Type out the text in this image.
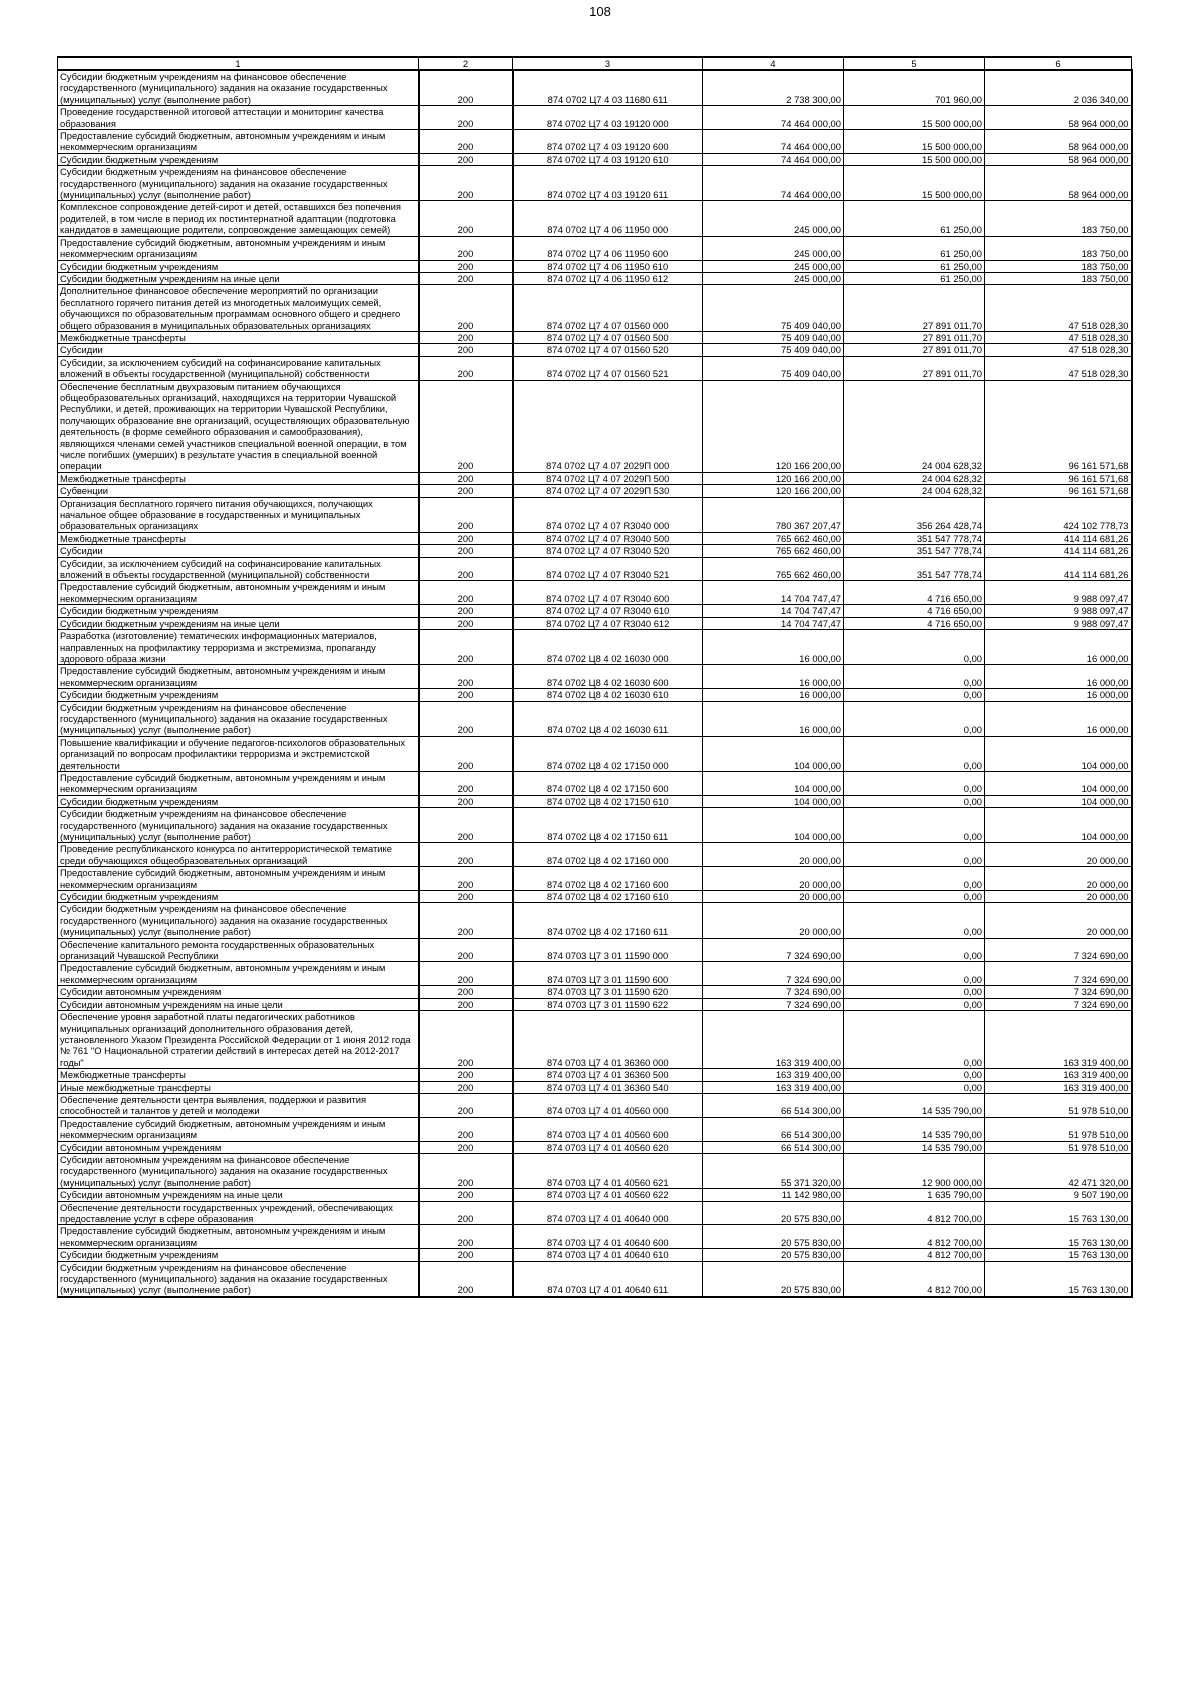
108
1	2	3	4	5	6
Субсидии бюджетным учреждениям на финансовое обеспечение государственного (муниципального) задания на оказание государственных (муниципальных) услуг (выполнение работ)	200	874 0702 Ц7 4 03 11680 611	2 738 300,00	701 960,00	2 036 340,00
Проведение государственной итоговой аттестации и мониторинг качества образования	200	874 0702 Ц7 4 03 19120 000	74 464 000,00	15 500 000,00	58 964 000,00
Предоставление субсидий бюджетным, автономным учреждениям и иным некоммерческим организациям	200	874 0702 Ц7 4 03 19120 600	74 464 000,00	15 500 000,00	58 964 000,00
Субсидии бюджетным учреждениям	200	874 0702 Ц7 4 03 19120 610	74 464 000,00	15 500 000,00	58 964 000,00
Субсидии бюджетным учреждениям на финансовое обеспечение государственного (муниципального) задания на оказание государственных (муниципальных) услуг (выполнение работ)	200	874 0702 Ц7 4 03 19120 611	74 464 000,00	15 500 000,00	58 964 000,00
Комплексное сопровождение детей-сирот и детей, оставшихся без попечения родителей, в том числе в период их постинтернатной адаптации (подготовка кандидатов в замещающие родители, сопровождение замещающих семей)	200	874 0702 Ц7 4 06 11950 000	245 000,00	61 250,00	183 750,00
Предоставление субсидий бюджетным, автономным учреждениям и иным некоммерческим организациям	200	874 0702 Ц7 4 06 11950 600	245 000,00	61 250,00	183 750,00
Субсидии бюджетным учреждениям	200	874 0702 Ц7 4 06 11950 610	245 000,00	61 250,00	183 750,00
Субсидии бюджетным учреждениям на иные цели	200	874 0702 Ц7 4 06 11950 612	245 000,00	61 250,00	183 750,00
Дополнительное финансовое обеспечение мероприятий по организации бесплатного горячего питания детей из многодетных малоимущих семей, обучающихся по образовательным программам основного общего и среднего общего образования в муниципальных образовательных организациях	200	874 0702 Ц7 4 07 01560 000	75 409 040,00	27 891 011,70	47 518 028,30
Межбюджетные трансферты	200	874 0702 Ц7 4 07 01560 500	75 409 040,00	27 891 011,70	47 518 028,30
Субсидии	200	874 0702 Ц7 4 07 01560 520	75 409 040,00	27 891 011,70	47 518 028,30
Субсидии, за исключением субсидий на софинансирование капитальных вложений в объекты государственной (муниципальной) собственности	200	874 0702 Ц7 4 07 01560 521	75 409 040,00	27 891 011,70	47 518 028,30
Обеспечение бесплатным двухразовым питанием обучающихся общеобразовательных организаций, находящихся на территории Чувашской Республики, и детей, проживающих на территории Чувашской Республики, получающих образование вне организаций, осуществляющих образовательную деятельность (в форме семейного образования и самообразования), являющихся членами семей участников специальной военной операции, в том числе погибших (умерших) в результате участия в специальной военной операции	200	874 0702 Ц7 4 07 2029П 000	120 166 200,00	24 004 628,32	96 161 571,68
Межбюджетные трансферты	200	874 0702 Ц7 4 07 2029П 500	120 166 200,00	24 004 628,32	96 161 571,68
Субвенции	200	874 0702 Ц7 4 07 2029П 530	120 166 200,00	24 004 628,32	96 161 571,68
Организация бесплатного горячего питания обучающихся, получающих начальное общее образование в государственных и муниципальных образовательных организациях	200	874 0702 Ц7 4 07 R3040 000	780 367 207,47	356 264 428,74	424 102 778,73
Межбюджетные трансферты	200	874 0702 Ц7 4 07 R3040 500	765 662 460,00	351 547 778,74	414 114 681,26
Субсидии	200	874 0702 Ц7 4 07 R3040 520	765 662 460,00	351 547 778,74	414 114 681,26
Субсидии, за исключением субсидий на софинансирование капитальных вложений в объекты государственной (муниципальной) собственности	200	874 0702 Ц7 4 07 R3040 521	765 662 460,00	351 547 778,74	414 114 681,26
Предоставление субсидий бюджетным, автономным учреждениям и иным некоммерческим организациям	200	874 0702 Ц7 4 07 R3040 600	14 704 747,47	4 716 650,00	9 988 097,47
Субсидии бюджетным учреждениям	200	874 0702 Ц7 4 07 R3040 610	14 704 747,47	4 716 650,00	9 988 097,47
Субсидии бюджетным учреждениям на иные цели	200	874 0702 Ц7 4 07 R3040 612	14 704 747,47	4 716 650,00	9 988 097,47
Разработка (изготовление) тематических информационных материалов, направленных на профилактику терроризма и экстремизма, пропаганду здорового образа жизни	200	874 0702 Ц8 4 02 16030 000	16 000,00	0,00	16 000,00
Предоставление субсидий бюджетным, автономным учреждениям и иным некоммерческим организациям	200	874 0702 Ц8 4 02 16030 600	16 000,00	0,00	16 000,00
Субсидии бюджетным учреждениям	200	874 0702 Ц8 4 02 16030 610	16 000,00	0,00	16 000,00
Субсидии бюджетным учреждениям на финансовое обеспечение государственного (муниципального) задания на оказание государственных (муниципальных) услуг (выполнение работ)	200	874 0702 Ц8 4 02 16030 611	16 000,00	0,00	16 000,00
Повышение квалификации и обучение педагогов-психологов образовательных организаций по вопросам профилактики терроризма и экстремистской деятельности	200	874 0702 Ц8 4 02 17150 000	104 000,00	0,00	104 000,00
Предоставление субсидий бюджетным, автономным учреждениям и иным некоммерческим организациям	200	874 0702 Ц8 4 02 17150 600	104 000,00	0,00	104 000,00
Субсидии бюджетным учреждениям	200	874 0702 Ц8 4 02 17150 610	104 000,00	0,00	104 000,00
Субсидии бюджетным учреждениям на финансовое обеспечение государственного (муниципального) задания на оказание государственных (муниципальных) услуг (выполнение работ)	200	874 0702 Ц8 4 02 17150 611	104 000,00	0,00	104 000,00
Проведение республиканского конкурса по антитеррористической тематике среди обучающихся общеобразовательных организаций	200	874 0702 Ц8 4 02 17160 000	20 000,00	0,00	20 000,00
Предоставление субсидий бюджетным, автономным учреждениям и иным некоммерческим организациям	200	874 0702 Ц8 4 02 17160 600	20 000,00	0,00	20 000,00
Субсидии бюджетным учреждениям	200	874 0702 Ц8 4 02 17160 610	20 000,00	0,00	20 000,00
Субсидии бюджетным учреждениям на финансовое обеспечение государственного (муниципального) задания на оказание государственных (муниципальных) услуг (выполнение работ)	200	874 0702 Ц8 4 02 17160 611	20 000,00	0,00	20 000,00
Обеспечение капитального ремонта государственных образовательных организаций Чувашской Республики	200	874 0703 Ц7 3 01 11590 000	7 324 690,00	0,00	7 324 690,00
Предоставление субсидий бюджетным, автономным учреждениям и иным некоммерческим организациям	200	874 0703 Ц7 3 01 11590 600	7 324 690,00	0,00	7 324 690,00
Субсидии автономным учреждениям	200	874 0703 Ц7 3 01 11590 620	7 324 690,00	0,00	7 324 690,00
Субсидии автономным учреждениям на иные цели	200	874 0703 Ц7 3 01 11590 622	7 324 690,00	0,00	7 324 690,00
Обеспечение уровня заработной платы педагогических работников муниципальных организаций дополнительного образования детей, установленного Указом Президента Российской Федерации от 1 июня 2012 года № 761 "О Национальной стратегии действий в интересах детей на 2012-2017 годы"	200	874 0703 Ц7 4 01 36360 000	163 319 400,00	0,00	163 319 400,00
Межбюджетные трансферты	200	874 0703 Ц7 4 01 36360 500	163 319 400,00	0,00	163 319 400,00
Иные межбюджетные трансферты	200	874 0703 Ц7 4 01 36360 540	163 319 400,00	0,00	163 319 400,00
Обеспечение деятельности центра выявления, поддержки и развития способностей и талантов у детей и молодежи	200	874 0703 Ц7 4 01 40560 000	66 514 300,00	14 535 790,00	51 978 510,00
Предоставление субсидий бюджетным, автономным учреждениям и иным некоммерческим организациям	200	874 0703 Ц7 4 01 40560 600	66 514 300,00	14 535 790,00	51 978 510,00
Субсидии автономным учреждениям	200	874 0703 Ц7 4 01 40560 620	66 514 300,00	14 535 790,00	51 978 510,00
Субсидии автономным учреждениям на финансовое обеспечение государственного (муниципального) задания на оказание государственных (муниципальных) услуг (выполнение работ)	200	874 0703 Ц7 4 01 40560 621	55 371 320,00	12 900 000,00	42 471 320,00
Субсидии автономным учреждениям на иные цели	200	874 0703 Ц7 4 01 40560 622	11 142 980,00	1 635 790,00	9 507 190,00
Обеспечение деятельности государственных учреждений, обеспечивающих предоставление услуг в сфере образования	200	874 0703 Ц7 4 01 40640 000	20 575 830,00	4 812 700,00	15 763 130,00
Предоставление субсидий бюджетным, автономным учреждениям и иным некоммерческим организациям	200	874 0703 Ц7 4 01 40640 600	20 575 830,00	4 812 700,00	15 763 130,00
Субсидии бюджетным учреждениям	200	874 0703 Ц7 4 01 40640 610	20 575 830,00	4 812 700,00	15 763 130,00
Субсидии бюджетным учреждениям на финансовое обеспечение государственного (муниципального) задания на оказание государственных (муниципальных) услуг (выполнение работ)	200	874 0703 Ц7 4 01 40640 611	20 575 830,00	4 812 700,00	15 763 130,00
